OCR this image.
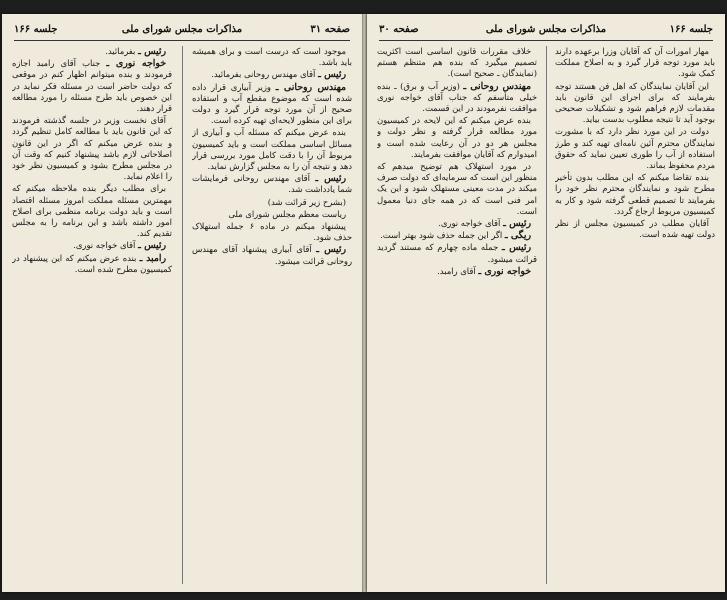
صفحه ۳۱
مذاکرات مجلس شورای ملی
جلسه ۱۶۶

رئیس ـ بفرمائید.

خواجه نوری ـ جناب آقای رامبد اجازه فرمودند و بنده میتوانم اظهار کنم در موقعی که دولت حاضر است در مسئله فکر نماید در این خصوص باید طرح مسئله را مورد مطالعه قرار دهند.

آقای نخست وزیر در جلسه گذشته فرمودند که این قانون باید با مطالعه کامل تنظیم گردد و بنده عرض میکنم که اگر در این قانون اصلاحاتی لازم باشد پیشنهاد کنیم که وقت آن در مجلس مطرح بشود و کمیسیون نظر خود را اعلام نماید.

برای مطلب دیگر بنده ملاحظه میکنم که مهمترین مسئله مملکت امروز مسئله اقتصاد است و باید دولت برنامه منظمی برای اصلاح امور داشته باشد و این برنامه را به مجلس تقدیم کند.

رئیس ـ آقای خواجه نوری.

رامبد ـ بنده عرض میکنم که این پیشنهاد در کمیسیون مطرح شده است.

موجود است که درست است و برای همیشه باید باشد.

رئیس ـ آقای مهندس روحانی بفرمائید.

مهندس روحانی ـ وزیر آبیاری قرار داده شده است که موضوع مقطع آب و استفاده صحیح از آن مورد توجه قرار گیرد و دولت برای این منظور لایحه‌ای تهیه کرده است.

بنده عرض میکنم که مسئله آب و آبیاری از مسائل اساسی مملکت است و باید کمیسیون مربوط آن را با دقت کامل مورد بررسی قرار دهد و نتیجه آن را به مجلس گزارش نماید.

رئیس ـ آقای مهندس روحانی فرمایشات شما یادداشت شد.

(بشرح زیر قرائت شد)

ریاست معظم مجلس شورای ملی

پیشنهاد میکنم در ماده ۶ جمله استهلاک حذف شود.

رئیس ـ آقای آبیاری پیشنهاد آقای مهندس روحانی قرائت میشود.

جلسه ۱۶۶
مذاکرات مجلس شورای ملی
صفحه ۳۰

خلاف مقررات قانون اساسی است اکثریت تصمیم میگیرد که بنده هم متنظم هستم (نمایندگان ـ صحیح است).

مهندس روحانی ـ (وزیر آب و برق) ـ بنده خیلی متأسفم که جناب آقای خواجه نوری موافقت نفرمودند در این قسمت.

بنده عرض میکنم که این لایحه در کمیسیون مورد مطالعه قرار گرفته و نظر دولت و مجلس هر دو در آن رعایت شده است و امیدوارم که آقایان موافقت بفرمایند.

در مورد استهلاک هم توضیح میدهم که منظور این است که سرمایه‌ای که دولت صرف میکند در مدت معینی مستهلک شود و این یک امر فنی است که در همه جای دنیا معمول است.

رئیس ـ آقای خواجه نوری.

ریگی ـ اگر این جمله حذف شود بهتر است.

رئیس ـ جمله ماده چهارم که مستند گردید قرائت میشود.

خواجه نوری ـ آقای رامبد.

مهار امورات آن که آقایان وزرا برعهده دارند باید مورد توجه قرار گیرد و به اصلاح مملکت کمک شود.

این آقایان نمایندگان که اهل فن هستند توجه بفرمایند که برای اجرای این قانون باید مقدمات لازم فراهم شود و تشکیلات صحیحی بوجود آید تا نتیجه مطلوب بدست بیاید.

دولت در این مورد نظر دارد که با مشورت نمایندگان محترم آئین نامه‌ای تهیه کند و طرز استفاده از آب را طوری تعیین نماید که حقوق مردم محفوظ بماند.

بنده تقاضا میکنم که این مطلب بدون تأخیر مطرح شود و نمایندگان محترم نظر خود را بفرمایند تا تصمیم قطعی گرفته شود و کار به کمیسیون مربوط ارجاع گردد.

آقایان مطلب در کمیسیون مجلس از نظر دولت تهیه شده است.
